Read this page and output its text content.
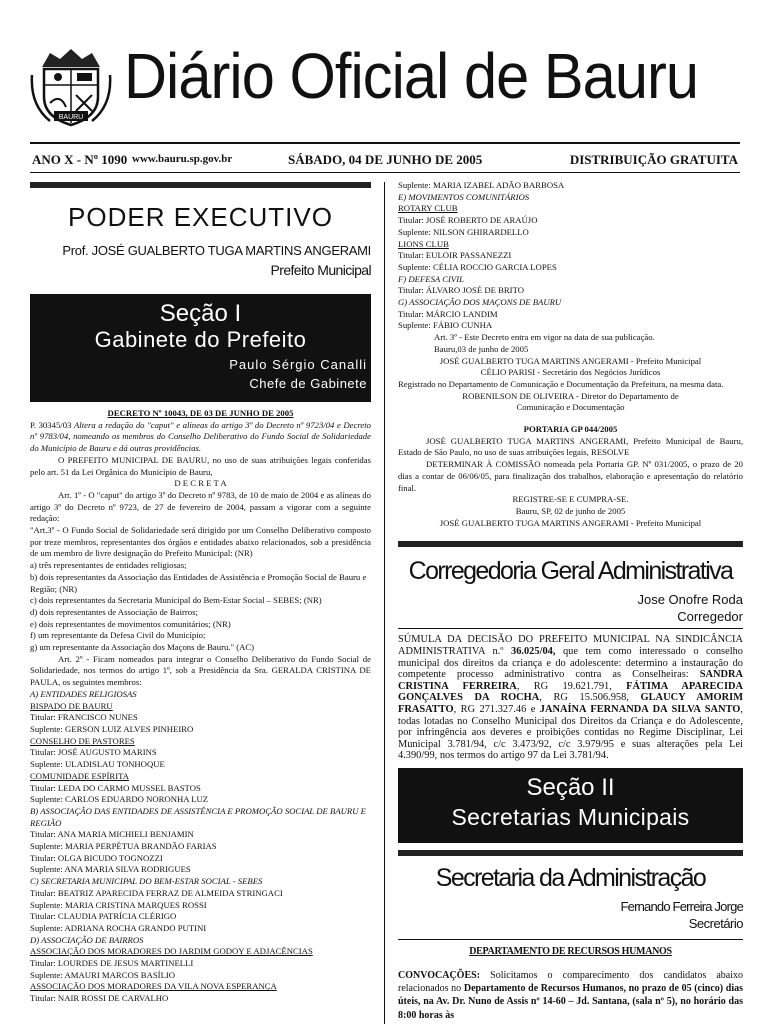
BAURU
Diário Oficial de Bauru
ANO X - Nº 1090 www.bauru.sp.gov.br	SÁBADO, 04 DE JUNHO DE 2005	DISTRIBUIÇÃO GRATUITA
PODER EXECUTIVO
Prof. JOSÉ GUALBERTO TUGA MARTINS ANGERAMI
Prefeito Municipal
Seção I
Gabinete do Prefeito
Paulo Sérgio Canalli
Chefe de Gabinete

DECRETO Nº 10043, DE 03 DE JUNHO DE 2005

P. 30345/03 Altera a redação do "caput" e alíneas do artigo 3º do Decreto nº 9723/04 e Decreto nº 9783/04, nomeando os membros do Conselho Deliberativo do Fundo Social de Solidariedade do Município de Bauru e dá outras providências.

O PREFEITO MUNICIPAL DE BAURU, no uso de suas atribuições legais conferidas pelo art. 51 da Lei Orgânica do Município de Bauru,

D E C R E T A

Art. 1º - O "caput" do artigo 3º do Decreto nº 9783, de 10 de maio de 2004 e as alíneas do artigo 3º do Decreto nº 9723, de 27 de fevereiro de 2004, passam a vigorar com a seguinte redação:

"Art.3º - O Fundo Social de Solidariedade será dirigido por um Conselho Deliberativo composto por treze membros, representantes dos órgãos e entidades abaixo relacionados, sob a presidência de um membro de livre designação do Prefeito Municipal: (NR)

a) três representantes de entidades religiosas;

b) dois representantes da Associação das Entidades de Assistência e Promoção Social de Bauru e Região; (NR)

c) dois representantes da Secretaria Municipal do Bem-Estar Social – SEBES; (NR)

d) dois representantes de Associação de Bairros;

e) dois representantes de movimentos comunitários; (NR)

f) um representante da Defesa Civil do Município;

g) um representante da Associação dos Maçons de Bauru." (AC)

Art. 2º - Ficam nomeados para integrar o Conselho Deliberativo do Fundo Social de Solidariedade, nos termos do artigo 1º, sob a Presidência da Sra. GERALDA CRISTINA DE PAULA, os seguintes membros:

A) ENTIDADES RELIGIOSAS

BISPADO DE BAURU

Titular: FRANCISCO NUNES

Suplente: GERSON LUIZ ALVES PINHEIRO

CONSELHO DE PASTORES

Titular: JOSÉ AUGUSTO MARINS

Suplente: ULADISLAU TONHOQUE

COMUNIDADE ESPÍRITA

Titular: LEDA DO CARMO MUSSEL BASTOS

Suplente: CARLOS EDUARDO NORONHA LUZ

B) ASSOCIAÇÃO DAS ENTIDADES DE ASSISTÊNCIA E PROMOÇÃO SOCIAL DE BAURU E REGIÃO

Titular: ANA MARIA MICHIELI BENJAMIN

Suplente: MARIA PERPÉTUA BRANDÃO FARIAS

Titular: OLGA BICUDO TOGNOZZI

Suplente: ANA MARIA SILVA RODRIGUES

C) SECRETARIA MUNICIPAL DO BEM-ESTAR SOCIAL - SEBES

Titular: BEATRIZ APARECIDA FERRAZ DE ALMEIDA STRINGACI

Suplente: MARIA CRISTINA MARQUES ROSSI

Titular: CLAUDIA PATRÍCIA CLÉRIGO

Suplente: ADRIANA ROCHA GRANDO PUTINI

D) ASSOCIAÇÃO DE BAIRROS

ASSOCIAÇÃO DOS MORADORES DO JARDIM GODOY E ADJACÊNCIAS

Titular: LOURDES DE JESUS MARTINELLI

Suplente: AMAURI MARCOS BASÍLIO

ASSOCIAÇÃO DOS MORADORES DA VILA NOVA ESPERANÇA

Titular: NAIR ROSSI DE CARVALHO

Suplente: MARIA IZABEL ADÃO BARBOSA

E) MOVIMENTOS COMUNITÁRIOS

ROTARY CLUB

Titular: JOSÉ ROBERTO DE ARAÚJO

Suplente: NILSON GHIRARDELLO

LIONS CLUB

Titular: EULOIR PASSANEZZI

Suplente: CÉLIA ROCCIO GARCIA LOPES

F) DEFESA CIVIL

Titular: ÁLVARO JOSÉ DE BRITO

G) ASSOCIAÇÃO DOS MAÇONS DE BAURU

Titular: MÁRCIO LANDIM

Suplente: FÁBIO CUNHA

Art. 3º - Este Decreto entra em vigor na data de sua publicação.

Bauru,03 de junho de 2005

JOSÉ GUALBERTO TUGA MARTINS ANGERAMI - Prefeito Municipal

CÉLIO PARISI - Secretário dos Negócios Jurídicos

Registrado no Departamento de Comunicação e Documentação da Prefeitura, na mesma data.

ROBENILSON DE OLIVEIRA - Diretor do Departamento de

Comunicação e Documentação

PORTARIA GP 044/2005

JOSÉ GUALBERTO TUGA MARTINS ANGERAMI, Prefeito Municipal de Bauru, Estado de São Paulo, no uso de suas atribuições legais, RESOLVE

DETERMINAR À COMISSÃO nomeada pela Portaria GP. Nº 031/2005, o prazo de 20 dias a contar de 06/06/05, para finalização dos trabalhos, elaboração e apresentação do relatório final.

REGISTRE-SE E CUMPRA-SE.

Bauru, SP, 02 de junho de 2005

JOSÉ GUALBERTO TUGA MARTINS ANGERAMI - Prefeito Municipal

Corregedoria Geral Administrativa
Jose Onofre Roda
Corregedor
SÚMULA DA DECISÃO DO PREFEITO MUNICIPAL NA SINDICÂNCIA ADMINISTRATIVA n.º 36.025/04, que tem como interessado o conselho municipal dos direitos da criança e do adolescente: determino a instauração do competente processo administrativo contra as Conselheiras: SANDRA CRISTINA FERREIRA, RG 19.621.791, FÁTIMA APARECIDA GONÇALVES DA ROCHA, RG 15.506.958, GLAUCY AMORIM FRASATTO, RG 271.327.46 e JANAÍNA FERNANDA DA SILVA SANTO, todas lotadas no Conselho Municipal dos Direitos da Criança e do Adolescente, por infringência aos deveres e proibições contidas no Regime Disciplinar, Lei Municipal 3.781/94, c/c 3.473/92, c/c 3.979/95 e suas alterações pela Lei 4.390/99, nos termos do artigo 97 da Lei 3.781/94.
Seção II
Secretarias Municipais
Secretaria da Administração
Fernando Ferreira Jorge
Secretário
DEPARTAMENTO DE RECURSOS HUMANOS
CONVOCAÇÕES: Solicitamos o comparecimento dos candidatos abaixo relacionados no Departamento de Recursos Humanos, no prazo de 05 (cinco) dias úteis, na Av. Dr. Nuno de Assis nº 14-60 – Jd. Santana, (sala nº 5), no horário das 8:00 horas às
